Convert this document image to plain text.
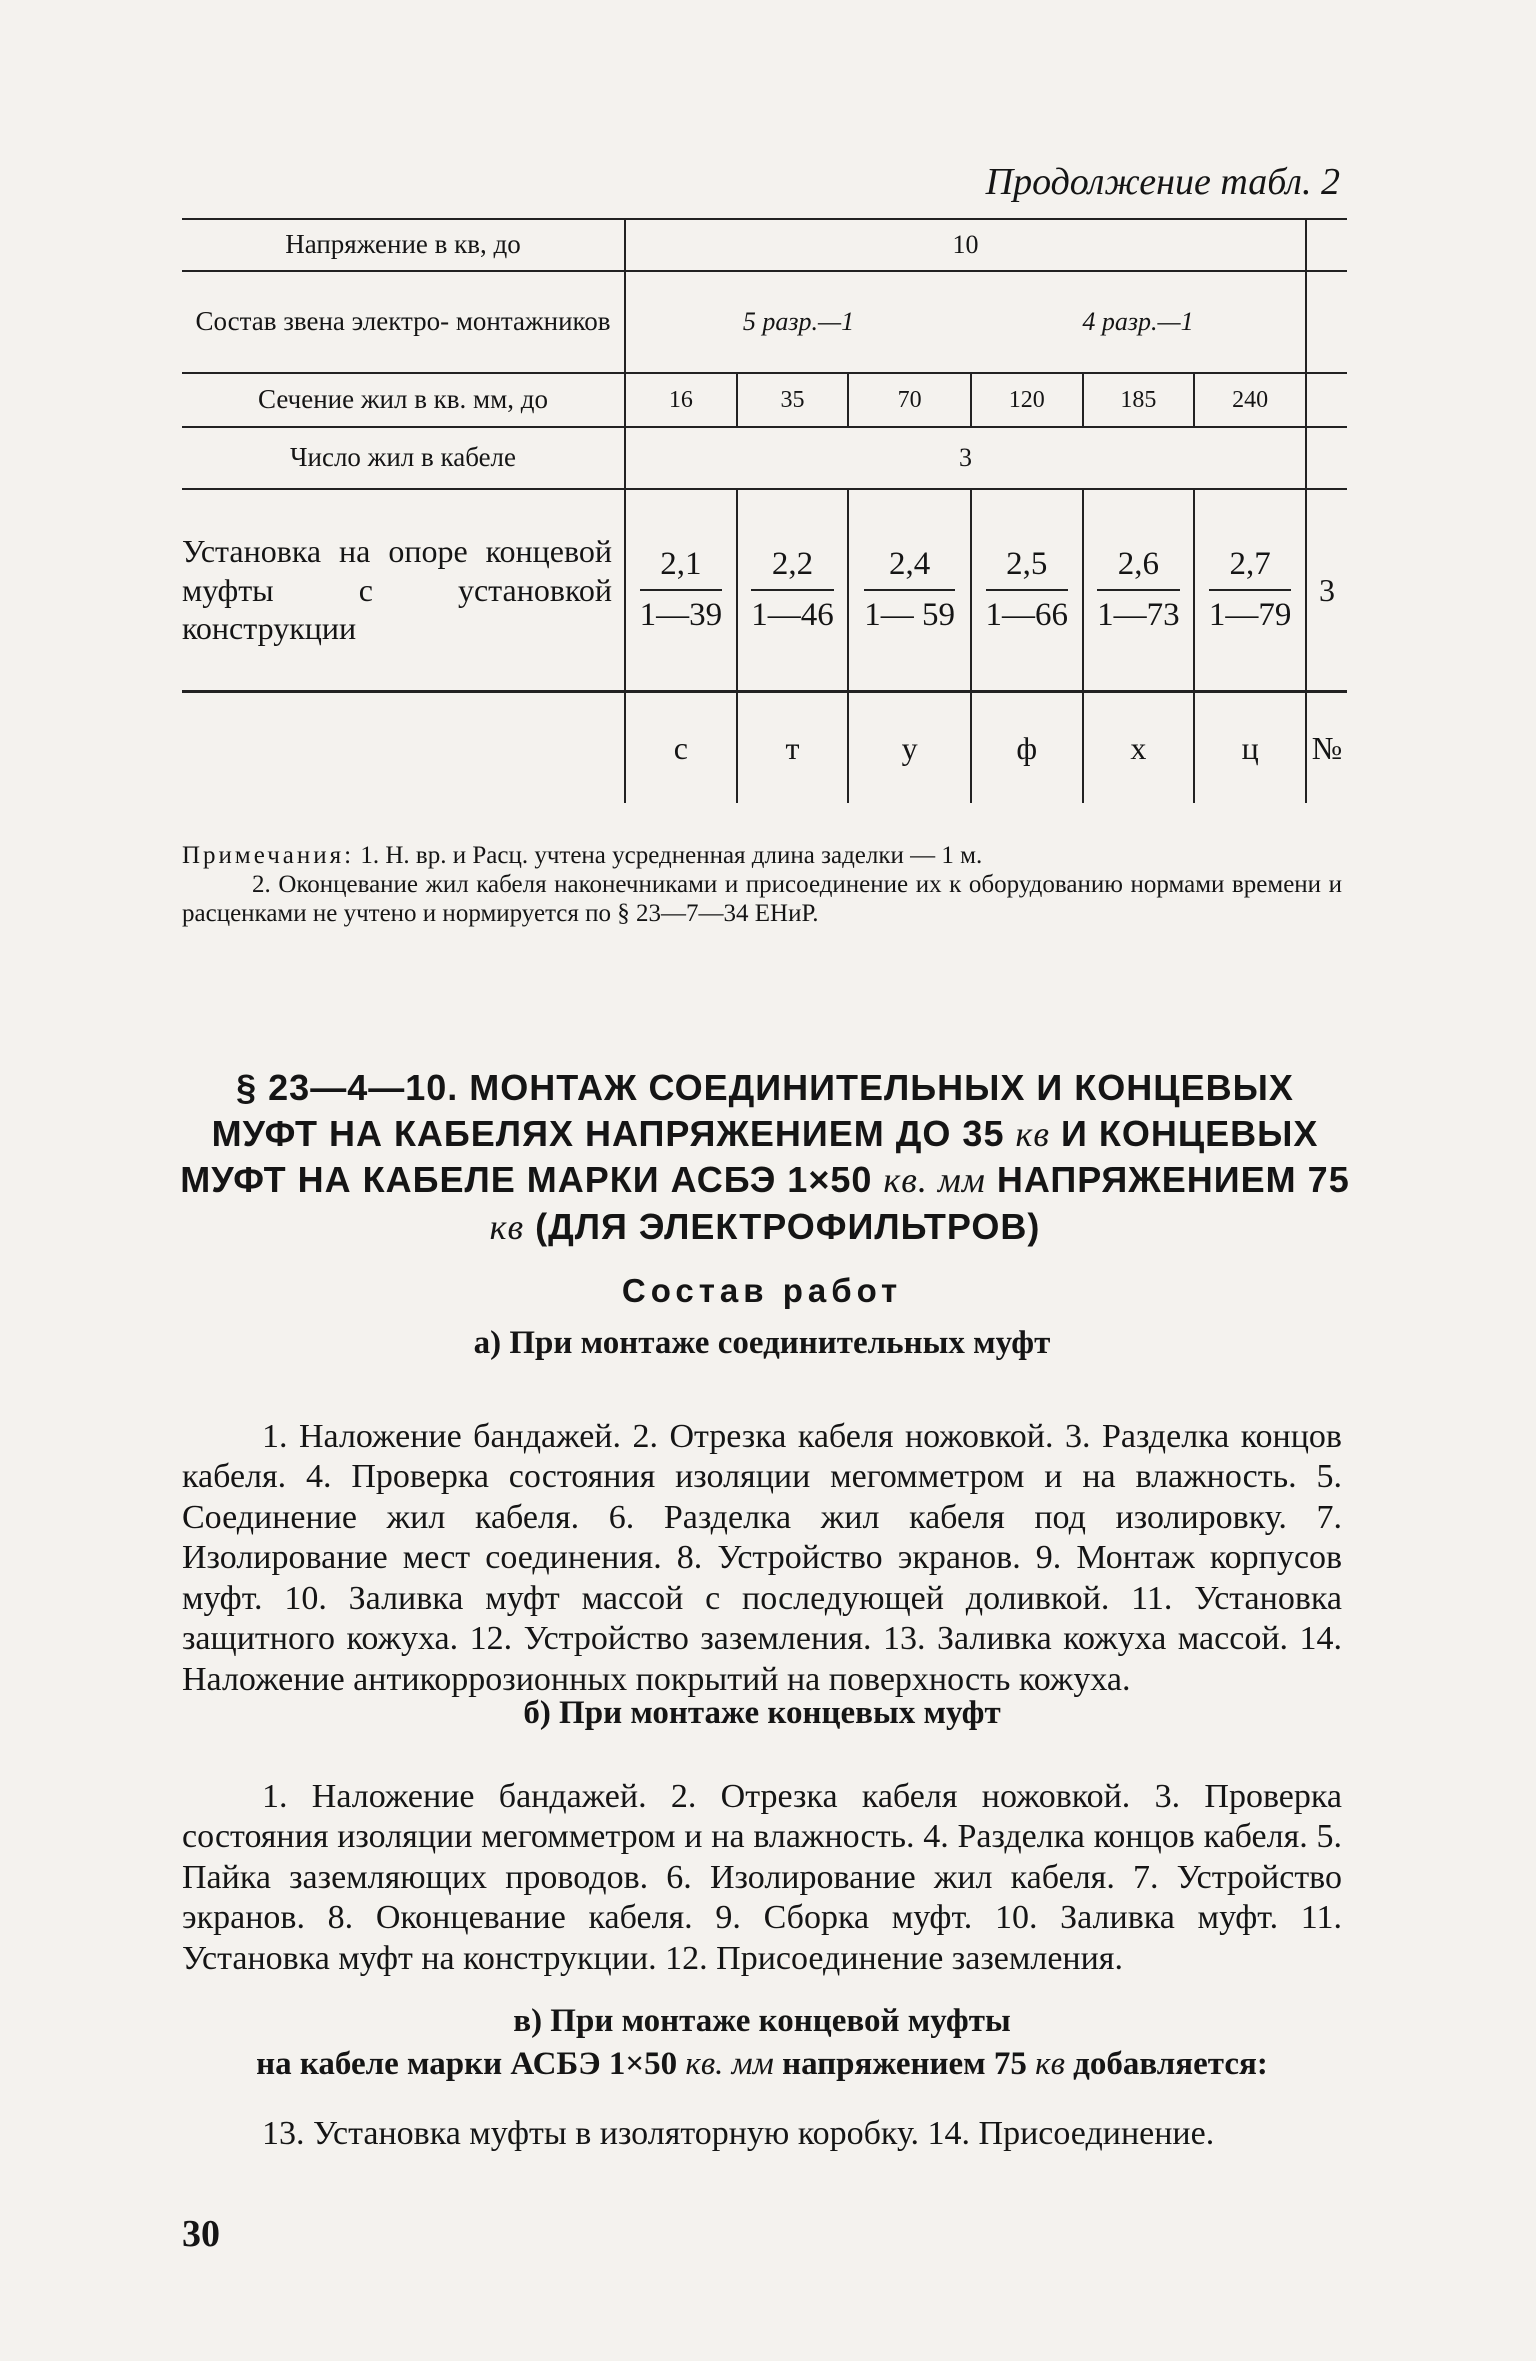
Продолжение табл. 2
Напряжение в кв, до	10						
Состав звена электро- монтажников	5 разр.—1			4 разр.—1			
Сечение жил в кв. мм, до	16	35	70	120	185	240	
Число жил в кабеле	3						
Установка на опоре концевой муфты с установкой конструкции	$\frac{2,1}{1—39}$	$\frac{2,2}{1—46}$	$\frac{2,4}{1— 59}$	$\frac{2,5}{1—66}$	$\frac{2,6}{1—73}$	$\frac{2,7}{1—79}$	3
	с	т	у	ф	х	ц	№

Примечания: 1. Н. вр. и Расц. учтена усредненная длина заделки — 1 м.

2. Оконцевание жил кабеля наконечниками и присоединение их к оборудованию нормами времени и расценками не учтено и нормируется по § 23—7—34 ЕНиР.

§ 23—4—10. МОНТАЖ СОЕДИНИТЕЛЬНЫХ И КОНЦЕВЫХ МУФТ НА КАБЕЛЯХ НАПРЯЖЕНИЕМ ДО 35 кв И КОНЦЕВЫХ МУФТ НА КАБЕЛЕ МАРКИ АСБЭ 1×50 кв. мм НАПРЯЖЕНИЕМ 75 кв (ДЛЯ ЭЛЕКТРОФИЛЬТРОВ)
Состав работ
а) При монтаже соединительных муфт

1. Наложение бандажей. 2. Отрезка кабеля ножовкой. 3. Разделка концов кабеля. 4. Проверка состояния изоляции мегомметром и на влажность. 5. Соединение жил кабеля. 6. Разделка жил кабеля под изолировку. 7. Изолирование мест соединения. 8. Устройство экранов. 9. Монтаж корпусов муфт. 10. Заливка муфт массой с последующей доливкой. 11. Установка защитного кожуха. 12. Устройство заземления. 13. Заливка кожуха массой. 14. Наложение антикоррозионных покрытий на поверхность кожуха.

б) При монтаже концевых муфт

1. Наложение бандажей. 2. Отрезка кабеля ножовкой. 3. Проверка состояния изоляции мегомметром и на влажность. 4. Разделка концов кабеля. 5. Пайка заземляющих проводов. 6. Изолирование жил кабеля. 7. Устройство экранов. 8. Оконцевание кабеля. 9. Сборка муфт. 10. Заливка муфт. 11. Установка муфт на конструкции. 12. Присоединение заземления.

в) При монтаже концевой муфты
на кабеле марки АСБЭ 1×50 кв. мм напряжением 75 кв добавляется:

13. Установка муфты в изоляторную коробку. 14. Присоединение.

30
